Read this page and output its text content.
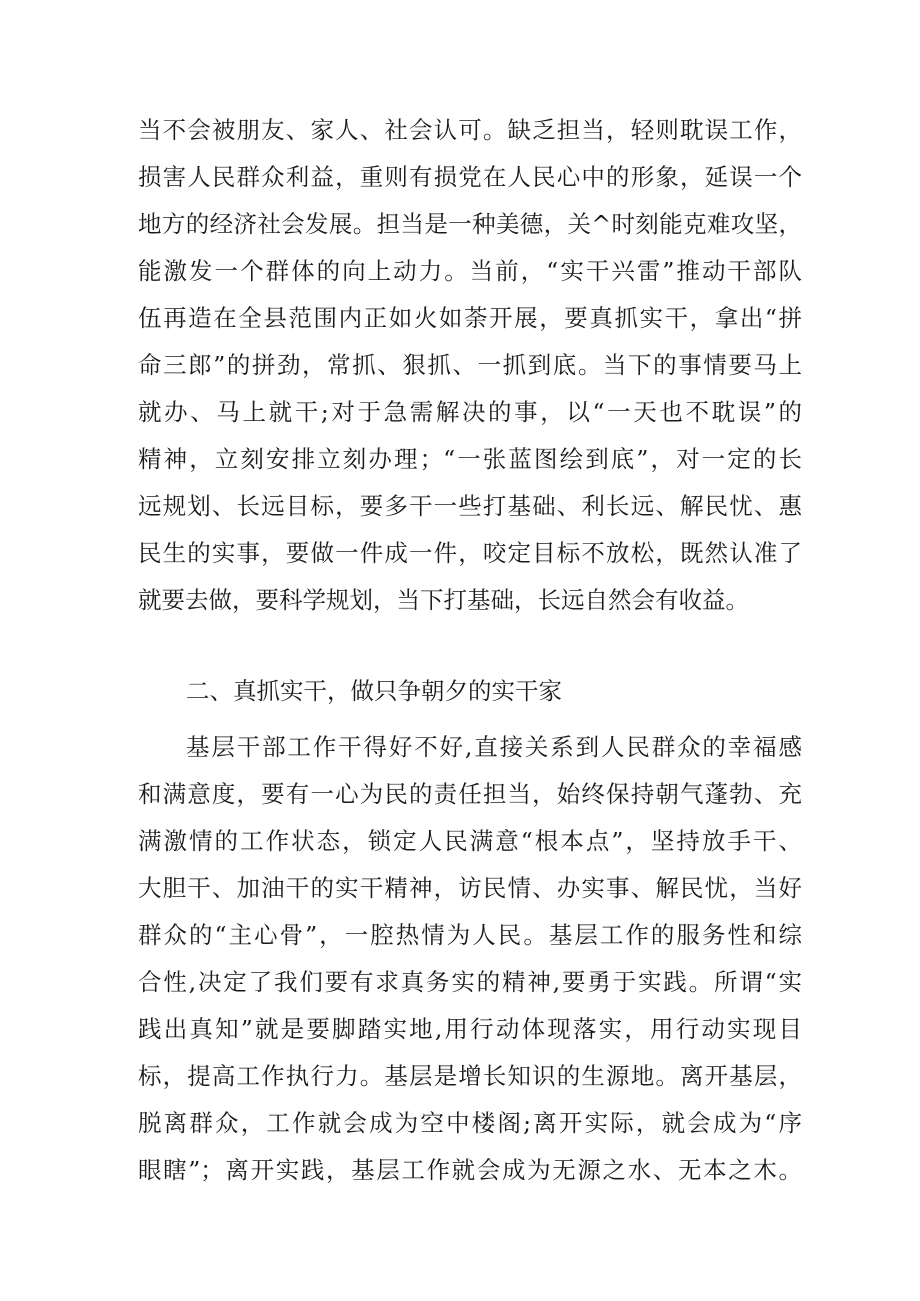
当不会被朋友、家人、社会认可。缺乏担当，轻则耽误工作，
损害人民群众利益，重则有损党在人民心中的形象，延误一个
地方的经济社会发展。担当是一种美德，关^时刻能克难攻坚，
能激发一个群体的向上动力。当前，“实干兴雷”推动干部队
伍再造在全县范围内正如火如荼开展，要真抓实干，拿出“拼
命三郎”的拼劲，常抓、狠抓、一抓到底。当下的事情要马上
就办、马上就干;对于急需解决的事，以“一天也不耽误”的
精神，立刻安排立刻办理；“一张蓝图绘到底”，对一定的长
远规划、长远目标，要多干一些打基础、利长远、解民忧、惠
民生的实事，要做一件成一件，咬定目标不放松，既然认准了
就要去做，要科学规划，当下打基础，长远自然会有收益。
二、真抓实干，做只争朝夕的实干家
基层干部工作干得好不好,直接关系到人民群众的幸福感
和满意度，要有一心为民的责任担当，始终保持朝气蓬勃、充
满激情的工作状态，锁定人民满意“根本点”，坚持放手干、
大胆干、加油干的实干精神，访民情、办实事、解民忧，当好
群众的“主心骨”，一腔热情为人民。基层工作的服务性和综
合性,决定了我们要有求真务实的精神,要勇于实践。所谓“实
践出真知”就是要脚踏实地,用行动体现落实，用行动实现目
标，提高工作执行力。基层是增长知识的生源地。离开基层，
脱离群众，工作就会成为空中楼阁;离开实际，就会成为“序
眼瞎”；离开实践，基层工作就会成为无源之水、无本之木。
